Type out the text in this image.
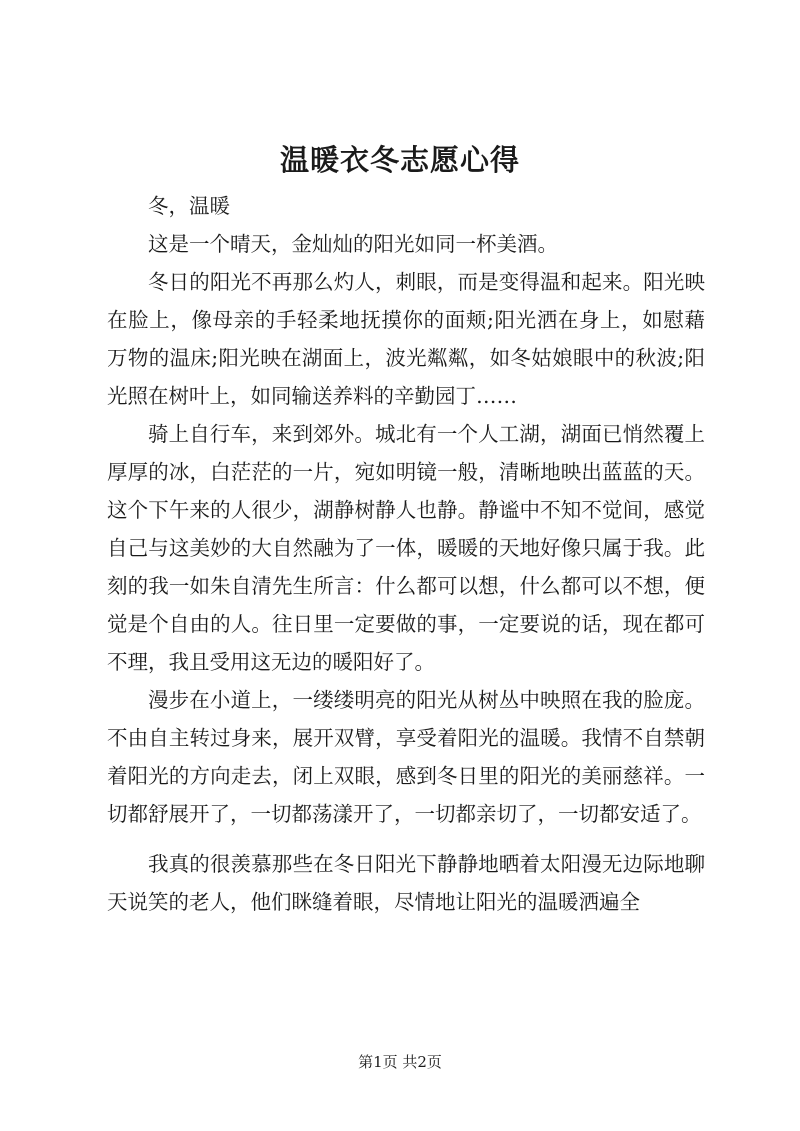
温暖衣冬志愿心得

冬，温暖

这是一个晴天，金灿灿的阳光如同一杯美酒。

冬日的阳光不再那么灼人，刺眼，而是变得温和起来。阳光映在脸上，像母亲的手轻柔地抚摸你的面颊;阳光洒在身上，如慰藉万物的温床;阳光映在湖面上，波光粼粼，如冬姑娘眼中的秋波;阳光照在树叶上，如同输送养料的辛勤园丁……

骑上自行车，来到郊外。城北有一个人工湖，湖面已悄然覆上厚厚的冰，白茫茫的一片，宛如明镜一般，清晰地映出蓝蓝的天。这个下午来的人很少，湖静树静人也静。静谧中不知不觉间，感觉自己与这美妙的大自然融为了一体，暖暖的天地好像只属于我。此刻的我一如朱自清先生所言：什么都可以想，什么都可以不想，便觉是个自由的人。往日里一定要做的事，一定要说的话，现在都可不理，我且受用这无边的暖阳好了。

漫步在小道上，一缕缕明亮的阳光从树丛中映照在我的脸庞。不由自主转过身来，展开双臂，享受着阳光的温暖。我情不自禁朝着阳光的方向走去，闭上双眼，感到冬日里的阳光的美丽慈祥。一切都舒展开了，一切都荡漾开了，一切都亲切了，一切都安适了。

我真的很羡慕那些在冬日阳光下静静地晒着太阳漫无边际地聊天说笑的老人，他们眯缝着眼，尽情地让阳光的温暖洒遍全

第1页 共2页
